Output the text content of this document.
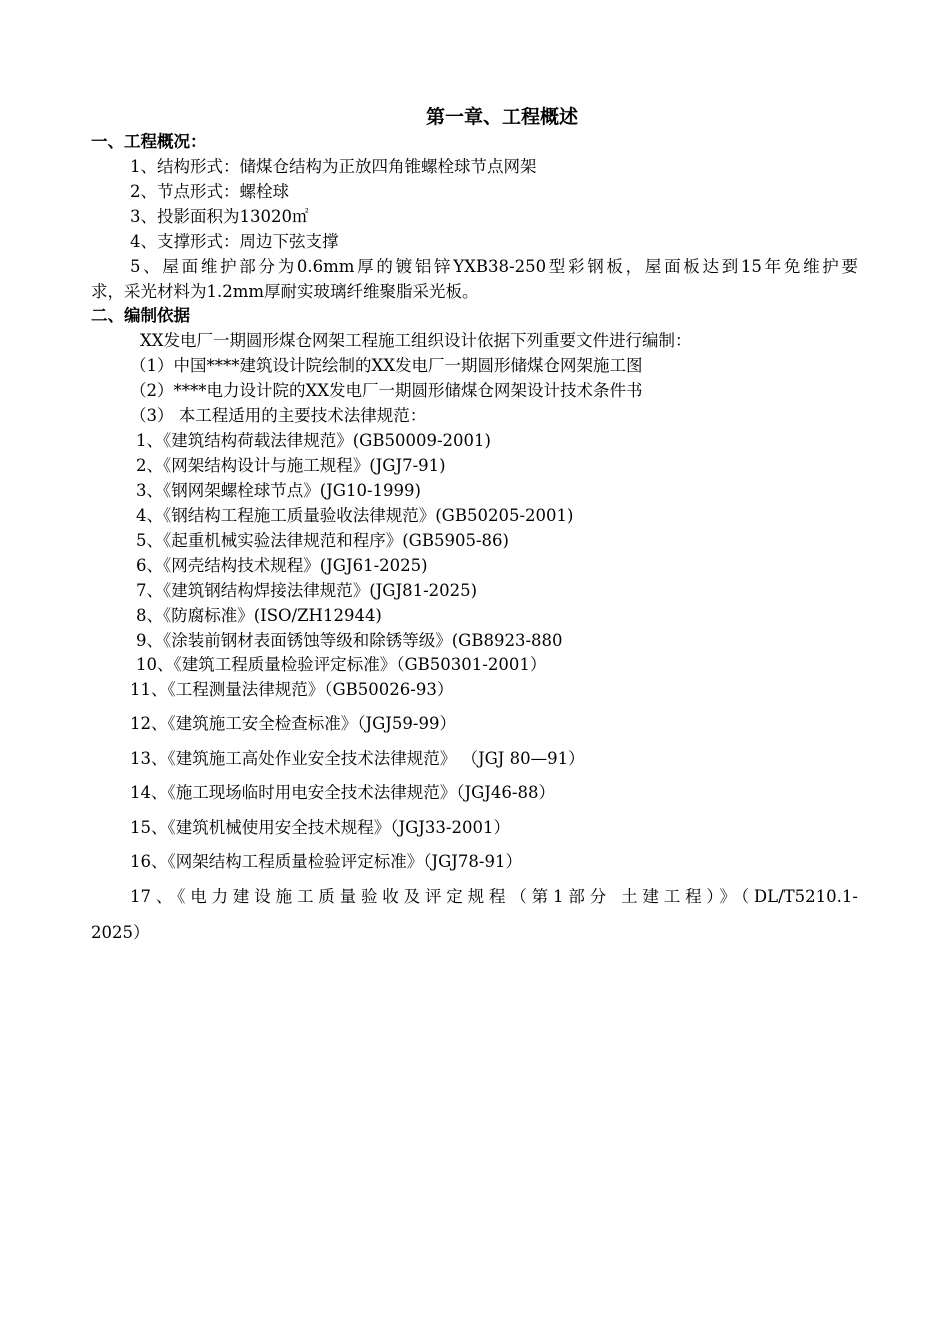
第一章、工程概述
一、工程概况：
1、结构形式：储煤仓结构为正放四角锥螺栓球节点网架
2、节点形式：螺栓球
3、投影面积为13020㎡
4、支撑形式：周边下弦支撑
5、屋面维护部分为0.6mm厚的镀铝锌YXB38-250型彩钢板，屋面板达到15年免维护要
求，采光材料为1.2mm厚耐实玻璃纤维聚脂采光板。
二、编制依据
XX发电厂一期圆形煤仓网架工程施工组织设计依据下列重要文件进行编制：
（1）中国****建筑设计院绘制的XX发电厂一期圆形储煤仓网架施工图
（2）****电力设计院的XX发电厂一期圆形储煤仓网架设计技术条件书
（3） 本工程适用的主要技术法律规范：
1、《建筑结构荷载法律规范》(GB50009-2001)
2、《网架结构设计与施工规程》(JGJ7-91)
3、《钢网架螺栓球节点》(JG10-1999)
4、《钢结构工程施工质量验收法律规范》(GB50205-2001)
5、《起重机械实验法律规范和程序》(GB5905-86)
6、《网壳结构技术规程》(JGJ61-2025)
7、《建筑钢结构焊接法律规范》(JGJ81-2025)
8、《防腐标准》(ISO/ZH12944)
9、《涂装前钢材表面锈蚀等级和除锈等级》(GB8923-880
10、《建筑工程质量检验评定标准》（GB50301-2001）
11、《工程测量法律规范》（GB50026-93）
12、《建筑施工安全检查标准》（JGJ59-99）
13、《建筑施工高处作业安全技术法律规范》 （JGJ 80—91）
14、《施工现场临时用电安全技术法律规范》（JGJ46-88）
15、《建筑机械使用安全技术规程》（JGJ33-2001）
16、《网架结构工程质量检验评定标准》（JGJ78-91）
17、《电力建设施工质量验收及评定规程（第1部分 土建工程）》（DL/T5210.1-
2025）
